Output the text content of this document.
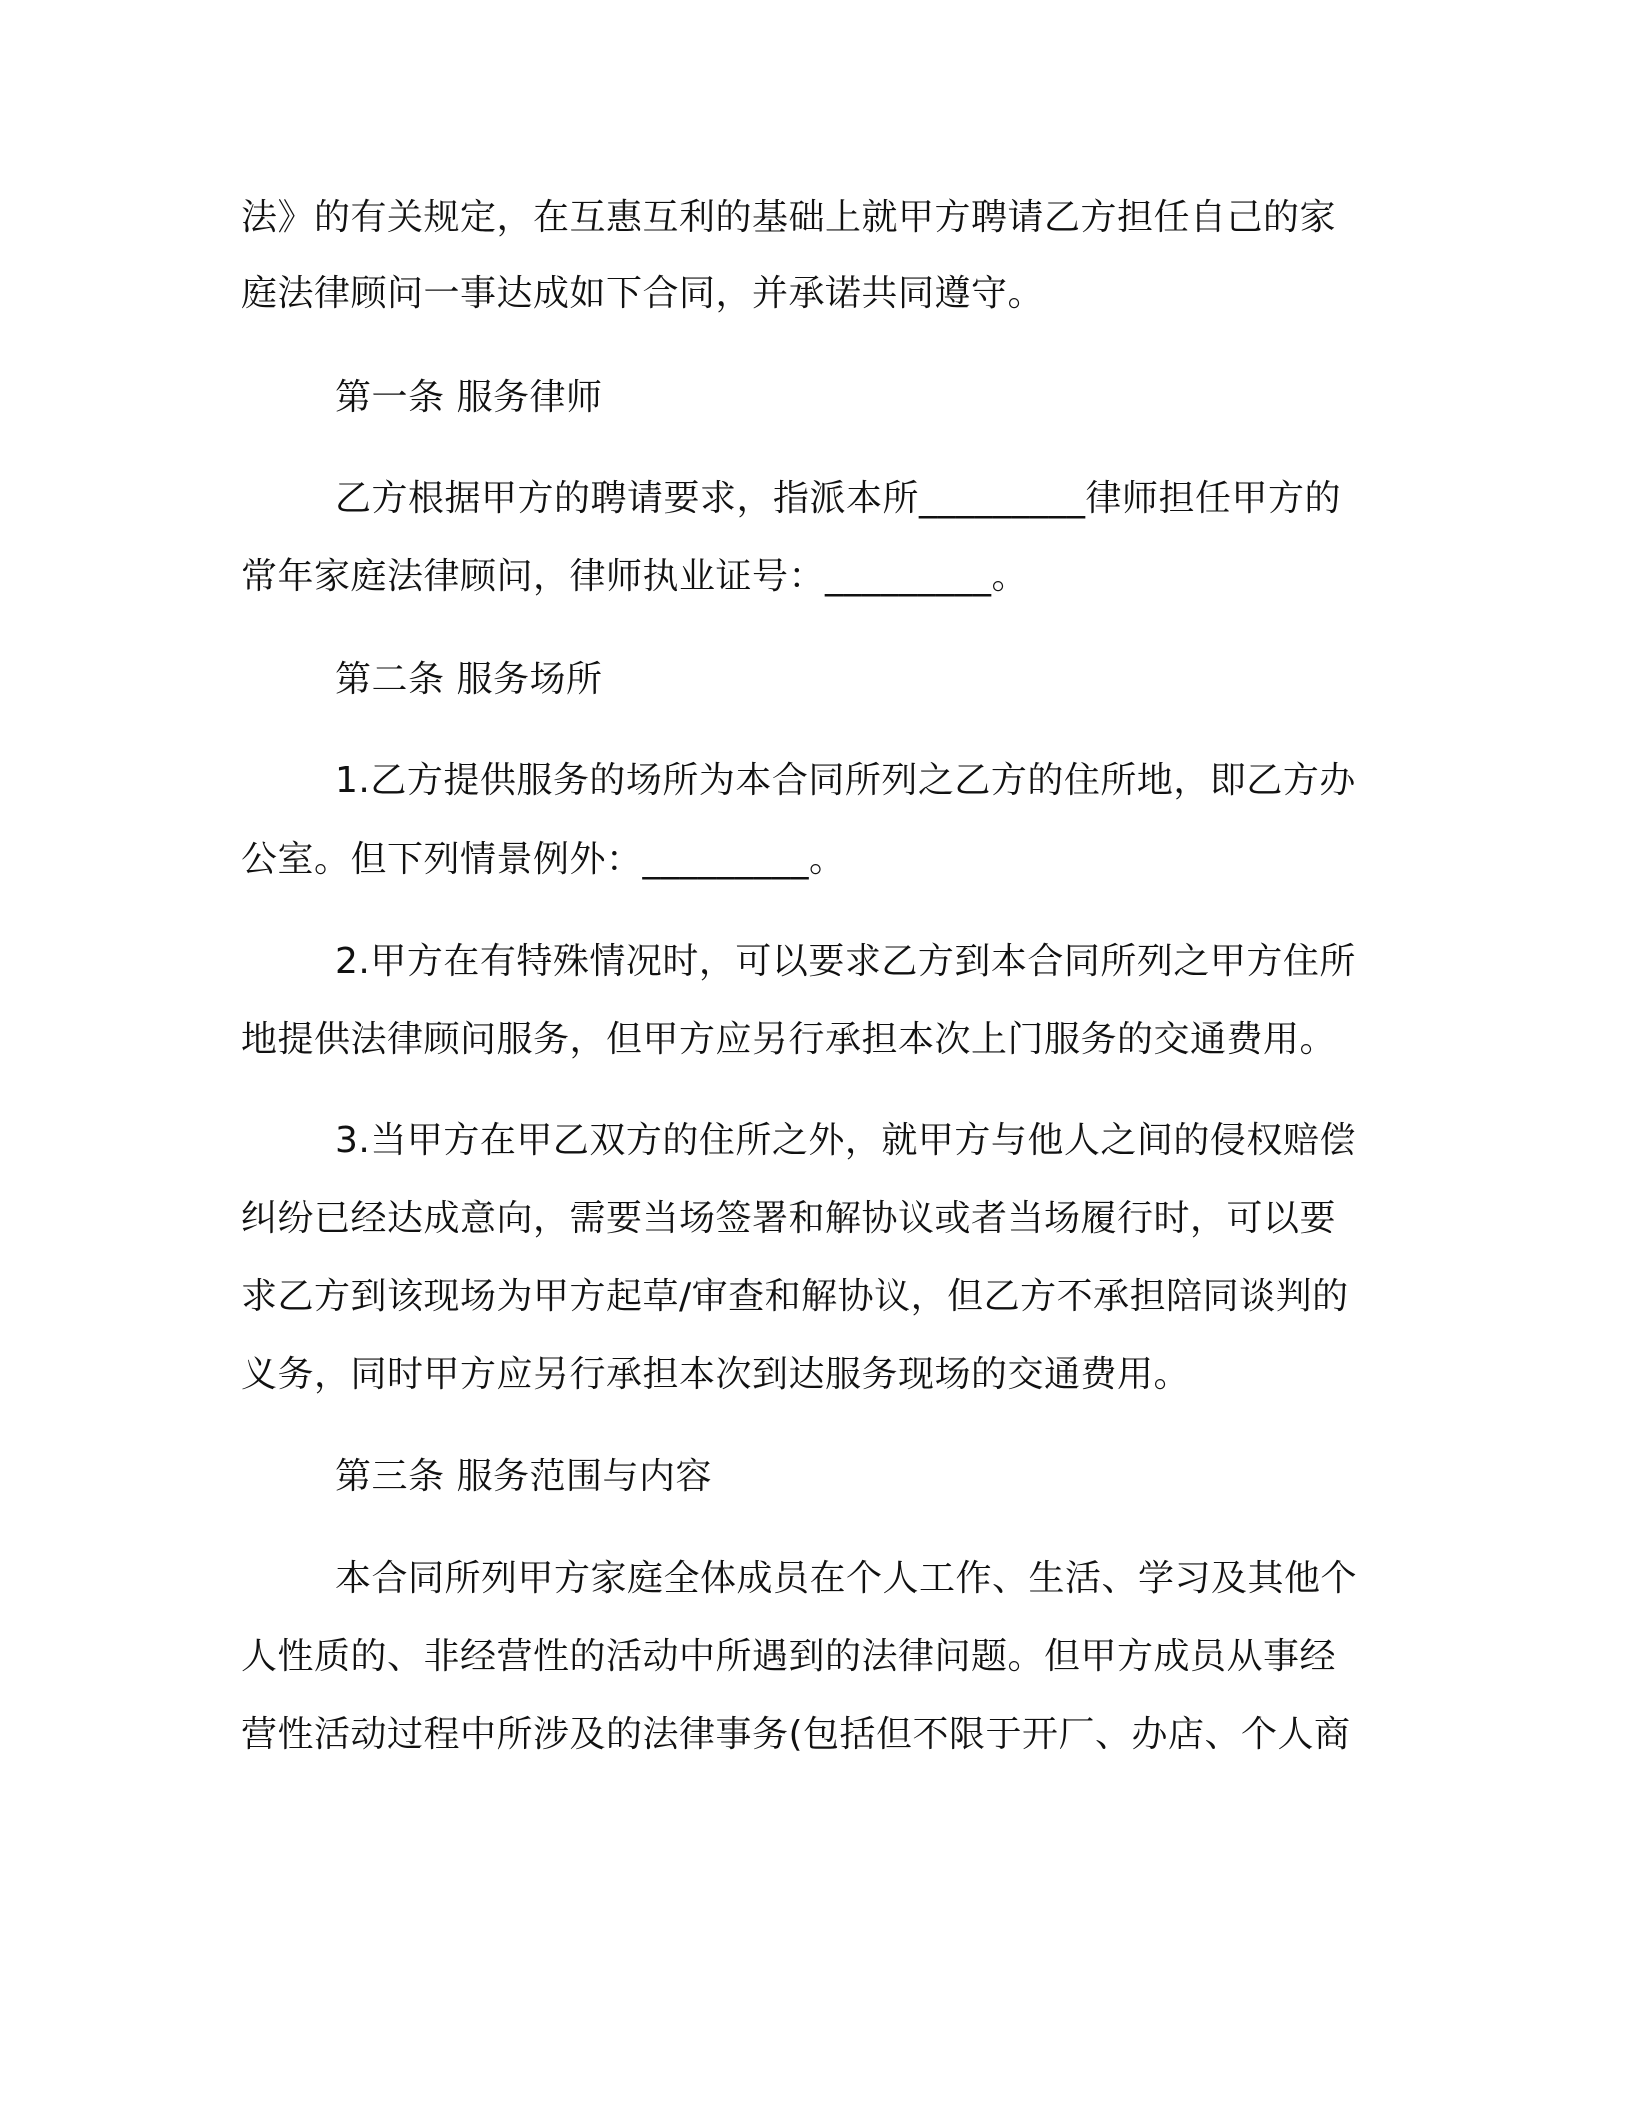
法》的有关规定，在互惠互利的基础上就甲方聘请乙方担任自己的家
庭法律顾问一事达成如下合同，并承诺共同遵守。
第一条 服务律师
乙方根据甲方的聘请要求，指派本所_________律师担任甲方的
常年家庭法律顾问，律师执业证号：_________。
第二条 服务场所
1.乙方提供服务的场所为本合同所列之乙方的住所地，即乙方办
公室。但下列情景例外：_________。
2.甲方在有特殊情况时，可以要求乙方到本合同所列之甲方住所
地提供法律顾问服务，但甲方应另行承担本次上门服务的交通费用。
3.当甲方在甲乙双方的住所之外，就甲方与他人之间的侵权赔偿
纠纷已经达成意向，需要当场签署和解协议或者当场履行时，可以要
求乙方到该现场为甲方起草/审查和解协议，但乙方不承担陪同谈判的
义务，同时甲方应另行承担本次到达服务现场的交通费用。
第三条 服务范围与内容
本合同所列甲方家庭全体成员在个人工作、生活、学习及其他个
人性质的、非经营性的活动中所遇到的法律问题。但甲方成员从事经
营性活动过程中所涉及的法律事务(包括但不限于开厂、办店、个人商
